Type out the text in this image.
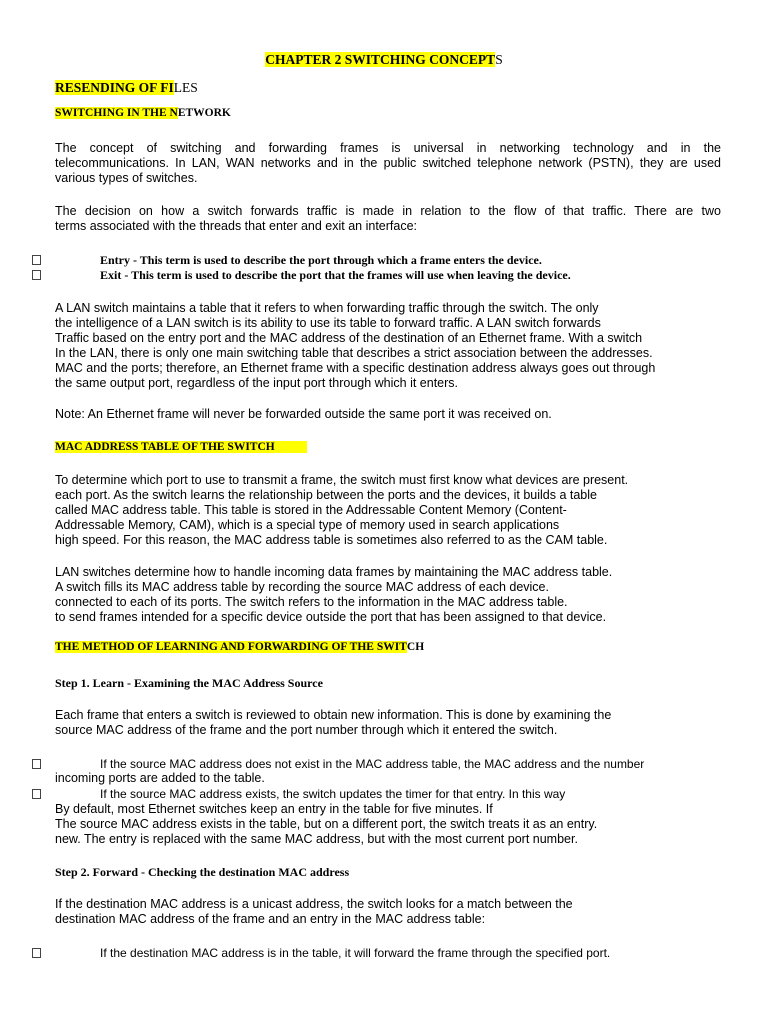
CHAPTER 2 SWITCHING CONCEPTS
RESENDING OF FILES
SWITCHING IN THE NETWORK
The concept of switching and forwarding frames is universal in networking technology and in the
telecommunications. In LAN, WAN networks and in the public switched telephone network (PSTN), they are used
various types of switches.
The decision on how a switch forwards traffic is made in relation to the flow of that traffic. There are two
terms associated with the threads that enter and exit an interface:
Entry - This term is used to describe the port through which a frame enters the device.
Exit - This term is used to describe the port that the frames will use when leaving the device.
A LAN switch maintains a table that it refers to when forwarding traffic through the switch. The only
the intelligence of a LAN switch is its ability to use its table to forward traffic. A LAN switch forwards
Traffic based on the entry port and the MAC address of the destination of an Ethernet frame. With a switch
In the LAN, there is only one main switching table that describes a strict association between the addresses.
MAC and the ports; therefore, an Ethernet frame with a specific destination address always goes out through
the same output port, regardless of the input port through which it enters.
Note: An Ethernet frame will never be forwarded outside the same port it was received on.
MAC ADDRESS TABLE OF THE SWITCH
To determine which port to use to transmit a frame, the switch must first know what devices are present.
each port. As the switch learns the relationship between the ports and the devices, it builds a table
called MAC address table. This table is stored in the Addressable Content Memory (Content-
Addressable Memory, CAM), which is a special type of memory used in search applications
high speed. For this reason, the MAC address table is sometimes also referred to as the CAM table.
LAN switches determine how to handle incoming data frames by maintaining the MAC address table.
A switch fills its MAC address table by recording the source MAC address of each device.
connected to each of its ports. The switch refers to the information in the MAC address table.
to send frames intended for a specific device outside the port that has been assigned to that device.
THE METHOD OF LEARNING AND FORWARDING OF THE SWITCH
Step 1. Learn - Examining the MAC Address Source
Each frame that enters a switch is reviewed to obtain new information. This is done by examining the
source MAC address of the frame and the port number through which it entered the switch.
If the source MAC address does not exist in the MAC address table, the MAC address and the number
incoming ports are added to the table.
If the source MAC address exists, the switch updates the timer for that entry. In this way
By default, most Ethernet switches keep an entry in the table for five minutes. If
The source MAC address exists in the table, but on a different port, the switch treats it as an entry.
new. The entry is replaced with the same MAC address, but with the most current port number.
Step 2. Forward - Checking the destination MAC address
If the destination MAC address is a unicast address, the switch looks for a match between the
destination MAC address of the frame and an entry in the MAC address table:
If the destination MAC address is in the table, it will forward the frame through the specified port.
